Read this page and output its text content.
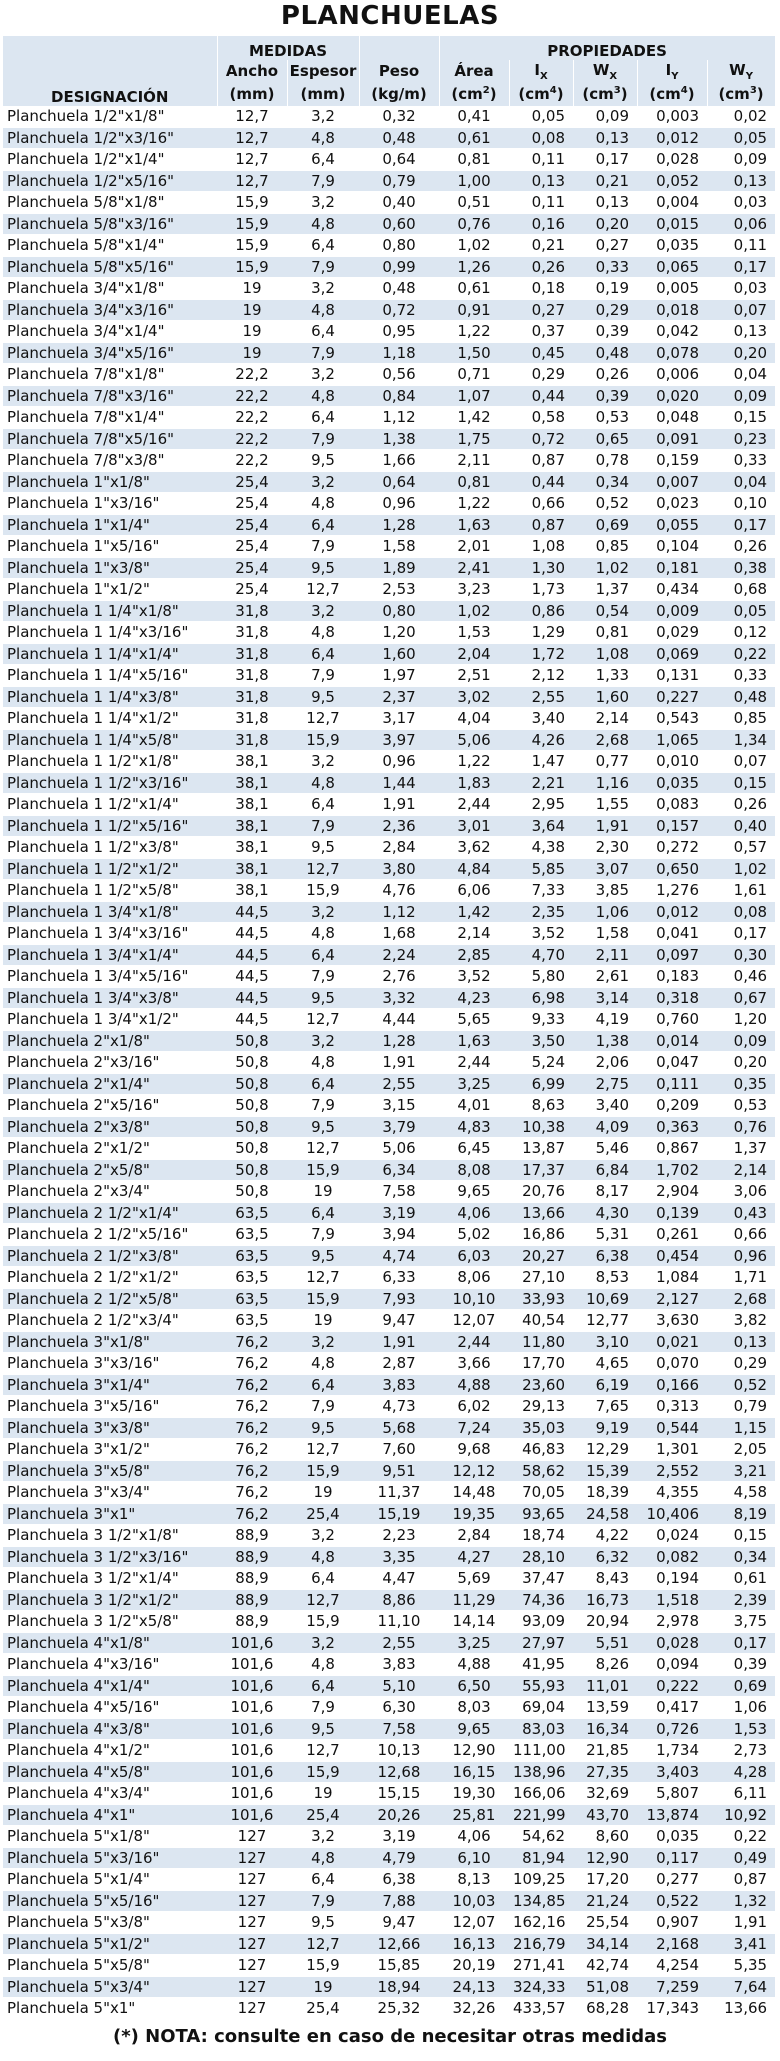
PLANCHUELAS
DESIGNACIÓN	MEDIDAS			PROPIEDADES				
	Ancho	Espesor	Peso	Área	$I_X$	$W_X$	$I_Y$	$W_Y$
	(mm)	(mm)	(kg/m)	$(cm^2)$	$(cm^4)$	$(cm^3)$	$(cm^4)$	$(cm^3)$
Planchuela 1/2"x1/8"	12,7	3,2	0,32	0,41	0,05	0,09	0,003	0,02
Planchuela 1/2"x3/16"	12,7	4,8	0,48	0,61	0,08	0,13	0,012	0,05
Planchuela 1/2"x1/4"	12,7	6,4	0,64	0,81	0,11	0,17	0,028	0,09
Planchuela 1/2"x5/16"	12,7	7,9	0,79	1,00	0,13	0,21	0,052	0,13
Planchuela 5/8"x1/8"	15,9	3,2	0,40	0,51	0,11	0,13	0,004	0,03
Planchuela 5/8"x3/16"	15,9	4,8	0,60	0,76	0,16	0,20	0,015	0,06
Planchuela 5/8"x1/4"	15,9	6,4	0,80	1,02	0,21	0,27	0,035	0,11
Planchuela 5/8"x5/16"	15,9	7,9	0,99	1,26	0,26	0,33	0,065	0,17
Planchuela 3/4"x1/8"	19	3,2	0,48	0,61	0,18	0,19	0,005	0,03
Planchuela 3/4"x3/16"	19	4,8	0,72	0,91	0,27	0,29	0,018	0,07
Planchuela 3/4"x1/4"	19	6,4	0,95	1,22	0,37	0,39	0,042	0,13
Planchuela 3/4"x5/16"	19	7,9	1,18	1,50	0,45	0,48	0,078	0,20
Planchuela 7/8"x1/8"	22,2	3,2	0,56	0,71	0,29	0,26	0,006	0,04
Planchuela 7/8"x3/16"	22,2	4,8	0,84	1,07	0,44	0,39	0,020	0,09
Planchuela 7/8"x1/4"	22,2	6,4	1,12	1,42	0,58	0,53	0,048	0,15
Planchuela 7/8"x5/16"	22,2	7,9	1,38	1,75	0,72	0,65	0,091	0,23
Planchuela 7/8"x3/8"	22,2	9,5	1,66	2,11	0,87	0,78	0,159	0,33
Planchuela 1"x1/8"	25,4	3,2	0,64	0,81	0,44	0,34	0,007	0,04
Planchuela 1"x3/16"	25,4	4,8	0,96	1,22	0,66	0,52	0,023	0,10
Planchuela 1"x1/4"	25,4	6,4	1,28	1,63	0,87	0,69	0,055	0,17
Planchuela 1"x5/16"	25,4	7,9	1,58	2,01	1,08	0,85	0,104	0,26
Planchuela 1"x3/8"	25,4	9,5	1,89	2,41	1,30	1,02	0,181	0,38
Planchuela 1"x1/2"	25,4	12,7	2,53	3,23	1,73	1,37	0,434	0,68
Planchuela 1 1/4"x1/8"	31,8	3,2	0,80	1,02	0,86	0,54	0,009	0,05
Planchuela 1 1/4"x3/16"	31,8	4,8	1,20	1,53	1,29	0,81	0,029	0,12
Planchuela 1 1/4"x1/4"	31,8	6,4	1,60	2,04	1,72	1,08	0,069	0,22
Planchuela 1 1/4"x5/16"	31,8	7,9	1,97	2,51	2,12	1,33	0,131	0,33
Planchuela 1 1/4"x3/8"	31,8	9,5	2,37	3,02	2,55	1,60	0,227	0,48
Planchuela 1 1/4"x1/2"	31,8	12,7	3,17	4,04	3,40	2,14	0,543	0,85
Planchuela 1 1/4"x5/8"	31,8	15,9	3,97	5,06	4,26	2,68	1,065	1,34
Planchuela 1 1/2"x1/8"	38,1	3,2	0,96	1,22	1,47	0,77	0,010	0,07
Planchuela 1 1/2"x3/16"	38,1	4,8	1,44	1,83	2,21	1,16	0,035	0,15
Planchuela 1 1/2"x1/4"	38,1	6,4	1,91	2,44	2,95	1,55	0,083	0,26
Planchuela 1 1/2"x5/16"	38,1	7,9	2,36	3,01	3,64	1,91	0,157	0,40
Planchuela 1 1/2"x3/8"	38,1	9,5	2,84	3,62	4,38	2,30	0,272	0,57
Planchuela 1 1/2"x1/2"	38,1	12,7	3,80	4,84	5,85	3,07	0,650	1,02
Planchuela 1 1/2"x5/8"	38,1	15,9	4,76	6,06	7,33	3,85	1,276	1,61
Planchuela 1 3/4"x1/8"	44,5	3,2	1,12	1,42	2,35	1,06	0,012	0,08
Planchuela 1 3/4"x3/16"	44,5	4,8	1,68	2,14	3,52	1,58	0,041	0,17
Planchuela 1 3/4"x1/4"	44,5	6,4	2,24	2,85	4,70	2,11	0,097	0,30
Planchuela 1 3/4"x5/16"	44,5	7,9	2,76	3,52	5,80	2,61	0,183	0,46
Planchuela 1 3/4"x3/8"	44,5	9,5	3,32	4,23	6,98	3,14	0,318	0,67
Planchuela 1 3/4"x1/2"	44,5	12,7	4,44	5,65	9,33	4,19	0,760	1,20
Planchuela 2"x1/8"	50,8	3,2	1,28	1,63	3,50	1,38	0,014	0,09
Planchuela 2"x3/16"	50,8	4,8	1,91	2,44	5,24	2,06	0,047	0,20
Planchuela 2"x1/4"	50,8	6,4	2,55	3,25	6,99	2,75	0,111	0,35
Planchuela 2"x5/16"	50,8	7,9	3,15	4,01	8,63	3,40	0,209	0,53
Planchuela 2"x3/8"	50,8	9,5	3,79	4,83	10,38	4,09	0,363	0,76
Planchuela 2"x1/2"	50,8	12,7	5,06	6,45	13,87	5,46	0,867	1,37
Planchuela 2"x5/8"	50,8	15,9	6,34	8,08	17,37	6,84	1,702	2,14
Planchuela 2"x3/4"	50,8	19	7,58	9,65	20,76	8,17	2,904	3,06
Planchuela 2 1/2"x1/4"	63,5	6,4	3,19	4,06	13,66	4,30	0,139	0,43
Planchuela 2 1/2"x5/16"	63,5	7,9	3,94	5,02	16,86	5,31	0,261	0,66
Planchuela 2 1/2"x3/8"	63,5	9,5	4,74	6,03	20,27	6,38	0,454	0,96
Planchuela 2 1/2"x1/2"	63,5	12,7	6,33	8,06	27,10	8,53	1,084	1,71
Planchuela 2 1/2"x5/8"	63,5	15,9	7,93	10,10	33,93	10,69	2,127	2,68
Planchuela 2 1/2"x3/4"	63,5	19	9,47	12,07	40,54	12,77	3,630	3,82
Planchuela 3"x1/8"	76,2	3,2	1,91	2,44	11,80	3,10	0,021	0,13
Planchuela 3"x3/16"	76,2	4,8	2,87	3,66	17,70	4,65	0,070	0,29
Planchuela 3"x1/4"	76,2	6,4	3,83	4,88	23,60	6,19	0,166	0,52
Planchuela 3"x5/16"	76,2	7,9	4,73	6,02	29,13	7,65	0,313	0,79
Planchuela 3"x3/8"	76,2	9,5	5,68	7,24	35,03	9,19	0,544	1,15
Planchuela 3"x1/2"	76,2	12,7	7,60	9,68	46,83	12,29	1,301	2,05
Planchuela 3"x5/8"	76,2	15,9	9,51	12,12	58,62	15,39	2,552	3,21
Planchuela 3"x3/4"	76,2	19	11,37	14,48	70,05	18,39	4,355	4,58
Planchuela 3"x1"	76,2	25,4	15,19	19,35	93,65	24,58	10,406	8,19
Planchuela 3 1/2"x1/8"	88,9	3,2	2,23	2,84	18,74	4,22	0,024	0,15
Planchuela 3 1/2"x3/16"	88,9	4,8	3,35	4,27	28,10	6,32	0,082	0,34
Planchuela 3 1/2"x1/4"	88,9	6,4	4,47	5,69	37,47	8,43	0,194	0,61
Planchuela 3 1/2"x1/2"	88,9	12,7	8,86	11,29	74,36	16,73	1,518	2,39
Planchuela 3 1/2"x5/8"	88,9	15,9	11,10	14,14	93,09	20,94	2,978	3,75
Planchuela 4"x1/8"	101,6	3,2	2,55	3,25	27,97	5,51	0,028	0,17
Planchuela 4"x3/16"	101,6	4,8	3,83	4,88	41,95	8,26	0,094	0,39
Planchuela 4"x1/4"	101,6	6,4	5,10	6,50	55,93	11,01	0,222	0,69
Planchuela 4"x5/16"	101,6	7,9	6,30	8,03	69,04	13,59	0,417	1,06
Planchuela 4"x3/8"	101,6	9,5	7,58	9,65	83,03	16,34	0,726	1,53
Planchuela 4"x1/2"	101,6	12,7	10,13	12,90	111,00	21,85	1,734	2,73
Planchuela 4"x5/8"	101,6	15,9	12,68	16,15	138,96	27,35	3,403	4,28
Planchuela 4"x3/4"	101,6	19	15,15	19,30	166,06	32,69	5,807	6,11
Planchuela 4"x1"	101,6	25,4	20,26	25,81	221,99	43,70	13,874	10,92
Planchuela 5"x1/8"	127	3,2	3,19	4,06	54,62	8,60	0,035	0,22
Planchuela 5"x3/16"	127	4,8	4,79	6,10	81,94	12,90	0,117	0,49
Planchuela 5"x1/4"	127	6,4	6,38	8,13	109,25	17,20	0,277	0,87
Planchuela 5"x5/16"	127	7,9	7,88	10,03	134,85	21,24	0,522	1,32
Planchuela 5"x3/8"	127	9,5	9,47	12,07	162,16	25,54	0,907	1,91
Planchuela 5"x1/2"	127	12,7	12,66	16,13	216,79	34,14	2,168	3,41
Planchuela 5"x5/8"	127	15,9	15,85	20,19	271,41	42,74	4,254	5,35
Planchuela 5"x3/4"	127	19	18,94	24,13	324,33	51,08	7,259	7,64
Planchuela 5"x1"	127	25,4	25,32	32,26	433,57	68,28	17,343	13,66
(*) NOTA: consulte en caso de necesitar otras medidas
